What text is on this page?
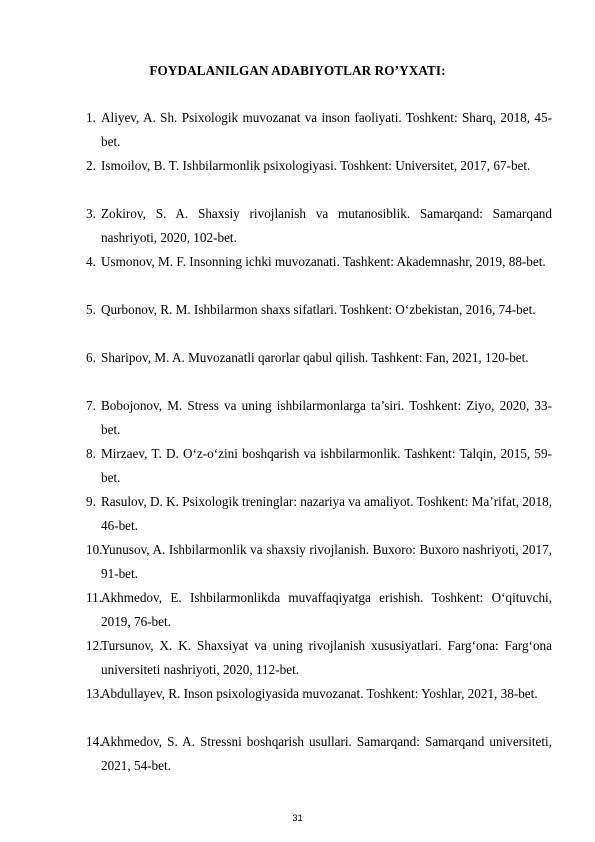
FOYDALANILGAN ADABIYOTLAR RO’YXATI:
1. Aliyev, A. Sh. Psixologik muvozanat va inson faoliyati. Toshkent: Sharq, 2018, 45-bet.
2. Ismoilov, B. T. Ishbilarmonlik psixologiyasi. Toshkent: Universitet, 2017, 67-bet.
3. Zokirov, S. A. Shaxsiy rivojlanish va mutanosiblik. Samarqand: Samarqand nashriyoti, 2020, 102-bet.
4. Usmonov, M. F. Insonning ichki muvozanati. Tashkent: Akademnashr, 2019, 88-bet.
5. Qurbonov, R. M. Ishbilarmon shaxs sifatlari. Toshkent: O‘zbekistan, 2016, 74-bet.
6. Sharipov, M. A. Muvozanatli qarorlar qabul qilish. Tashkent: Fan, 2021, 120-bet.
7. Bobojonov, M. Stress va uning ishbilarmonlarga ta’siri. Toshkent: Ziyo, 2020, 33-bet.
8. Mirzaev, T. D. O‘z-o‘zini boshqarish va ishbilarmonlik. Tashkent: Talqin, 2015, 59-bet.
9. Rasulov, D. K. Psixologik treninglar: nazariya va amaliyot. Toshkent: Ma’rifat, 2018, 46-bet.
10.
Yunusov, A. Ishbilarmonlik va shaxsiy rivojlanish. Buxoro: Buxoro nashriyoti, 2017, 91-bet.
11. Akhmedov, E. Ishbilarmonlikda muvaffaqiyatga erishish. Toshkent: O‘qituvchi, 2019, 76-bet.
12.
Tursunov, X. K. Shaxsiyat va uning rivojlanish xususiyatlari. Farg‘ona: Farg‘ona universiteti nashriyoti, 2020, 112-bet.
13.
Abdullayev, R. Inson psixologiyasida muvozanat. Toshkent: Yoshlar, 2021, 38-bet.
14.
Akhmedov, S. A. Stressni boshqarish usullari. Samarqand: Samarqand universiteti, 2021, 54-bet.
31
